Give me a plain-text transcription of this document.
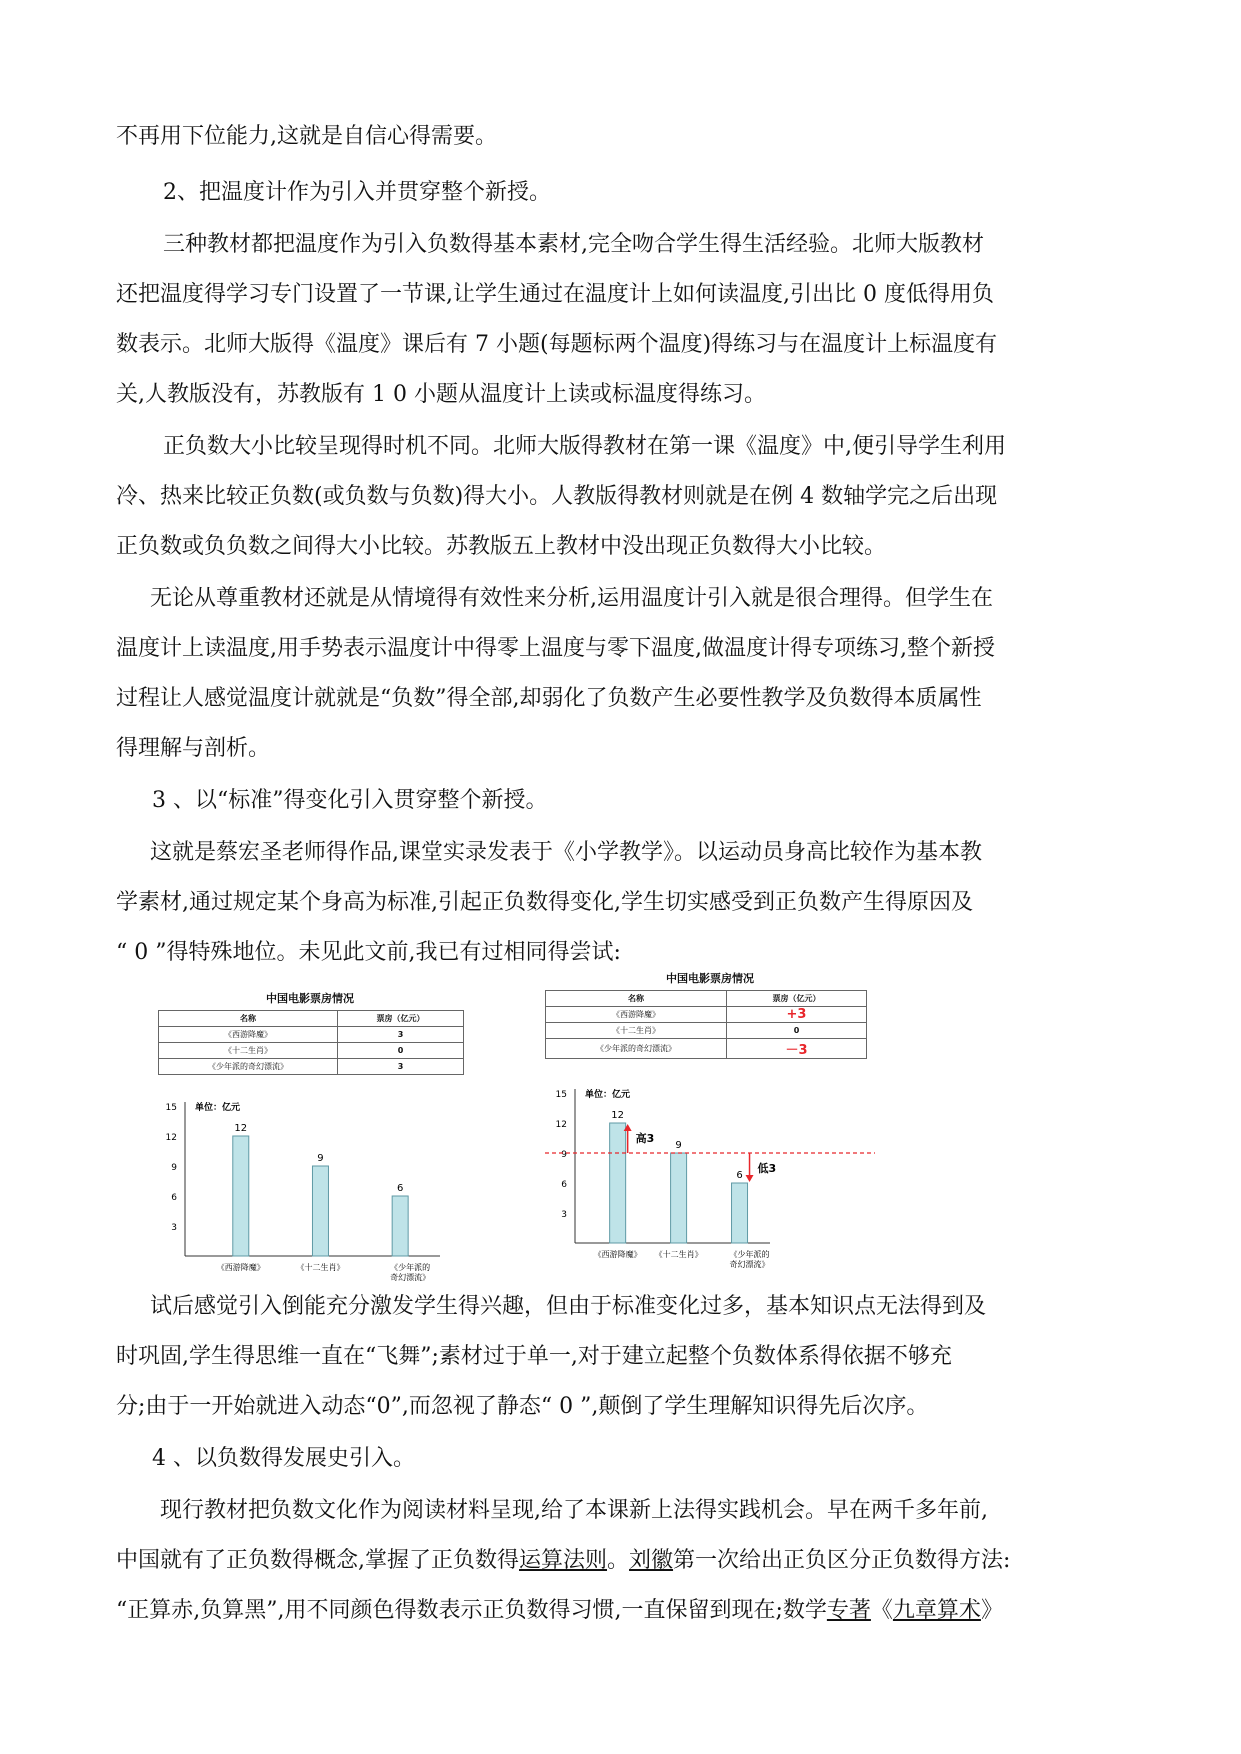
不再用下位能力,这就是自信心得需要。
2、把温度计作为引入并贯穿整个新授。
三种教材都把温度作为引入负数得基本素材,完全吻合学生得生活经验。北师大版教材
还把温度得学习专门设置了一节课,让学生通过在温度计上如何读温度,引出比 0 度低得用负
数表示。北师大版得《温度》课后有 7 小题(每题标两个温度)得练习与在温度计上标温度有
关,人教版没有，苏教版有 1 0 小题从温度计上读或标温度得练习。
正负数大小比较呈现得时机不同。北师大版得教材在第一课《温度》中,便引导学生利用
冷、热来比较正负数(或负数与负数)得大小。人教版得教材则就是在例 4 数轴学完之后出现
正负数或负负数之间得大小比较。苏教版五上教材中没出现正负数得大小比较。
无论从尊重教材还就是从情境得有效性来分析,运用温度计引入就是很合理得。但学生在
温度计上读温度,用手势表示温度计中得零上温度与零下温度,做温度计得专项练习,整个新授
过程让人感觉温度计就就是“负数”得全部,却弱化了负数产生必要性教学及负数得本质属性
得理解与剖析。
3 、以“标准”得变化引入贯穿整个新授。
这就是蔡宏圣老师得作品,课堂实录发表于《小学教学》。以运动员身高比较作为基本教
学素材,通过规定某个身高为标准,引起正负数得变化,学生切实感受到正负数产生得原因及
“ 0 ”得特殊地位。未见此文前,我已有过相同得尝试:
中国电影票房情况
名称	票房（亿元）
《西游降魔》	3
《十二生肖》	0
《少年派的奇幻漂流》	3
单位：亿元
3
6
9
12
15
12
《西游降魔》
9
《十二生肖》
6
《少年派的
奇幻漂流》
中国电影票房情况
名称	票房（亿元）
《西游降魔》	+3
《十二生肖》	0
《少年派的奇幻漂流》	－3
单位：亿元
3
6
9
12
15
12
《西游降魔》
9
《十二生肖》
6
《少年派的
奇幻漂流》
高3
低3
试后感觉引入倒能充分激发学生得兴趣，但由于标准变化过多，基本知识点无法得到及
时巩固,学生得思维一直在“飞舞”;素材过于单一,对于建立起整个负数体系得依据不够充
分;由于一开始就进入动态“0”,而忽视了静态“ 0 ”,颠倒了学生理解知识得先后次序。
4 、以负数得发展史引入。
现行教材把负数文化作为阅读材料呈现,给了本课新上法得实践机会。早在两千多年前,
中国就有了正负数得概念,掌握了正负数得运算法则。刘徽第一次给出正负区分正负数得方法:
“正算赤,负算黑”,用不同颜色得数表示正负数得习惯,一直保留到现在;数学专著《九章算术》
